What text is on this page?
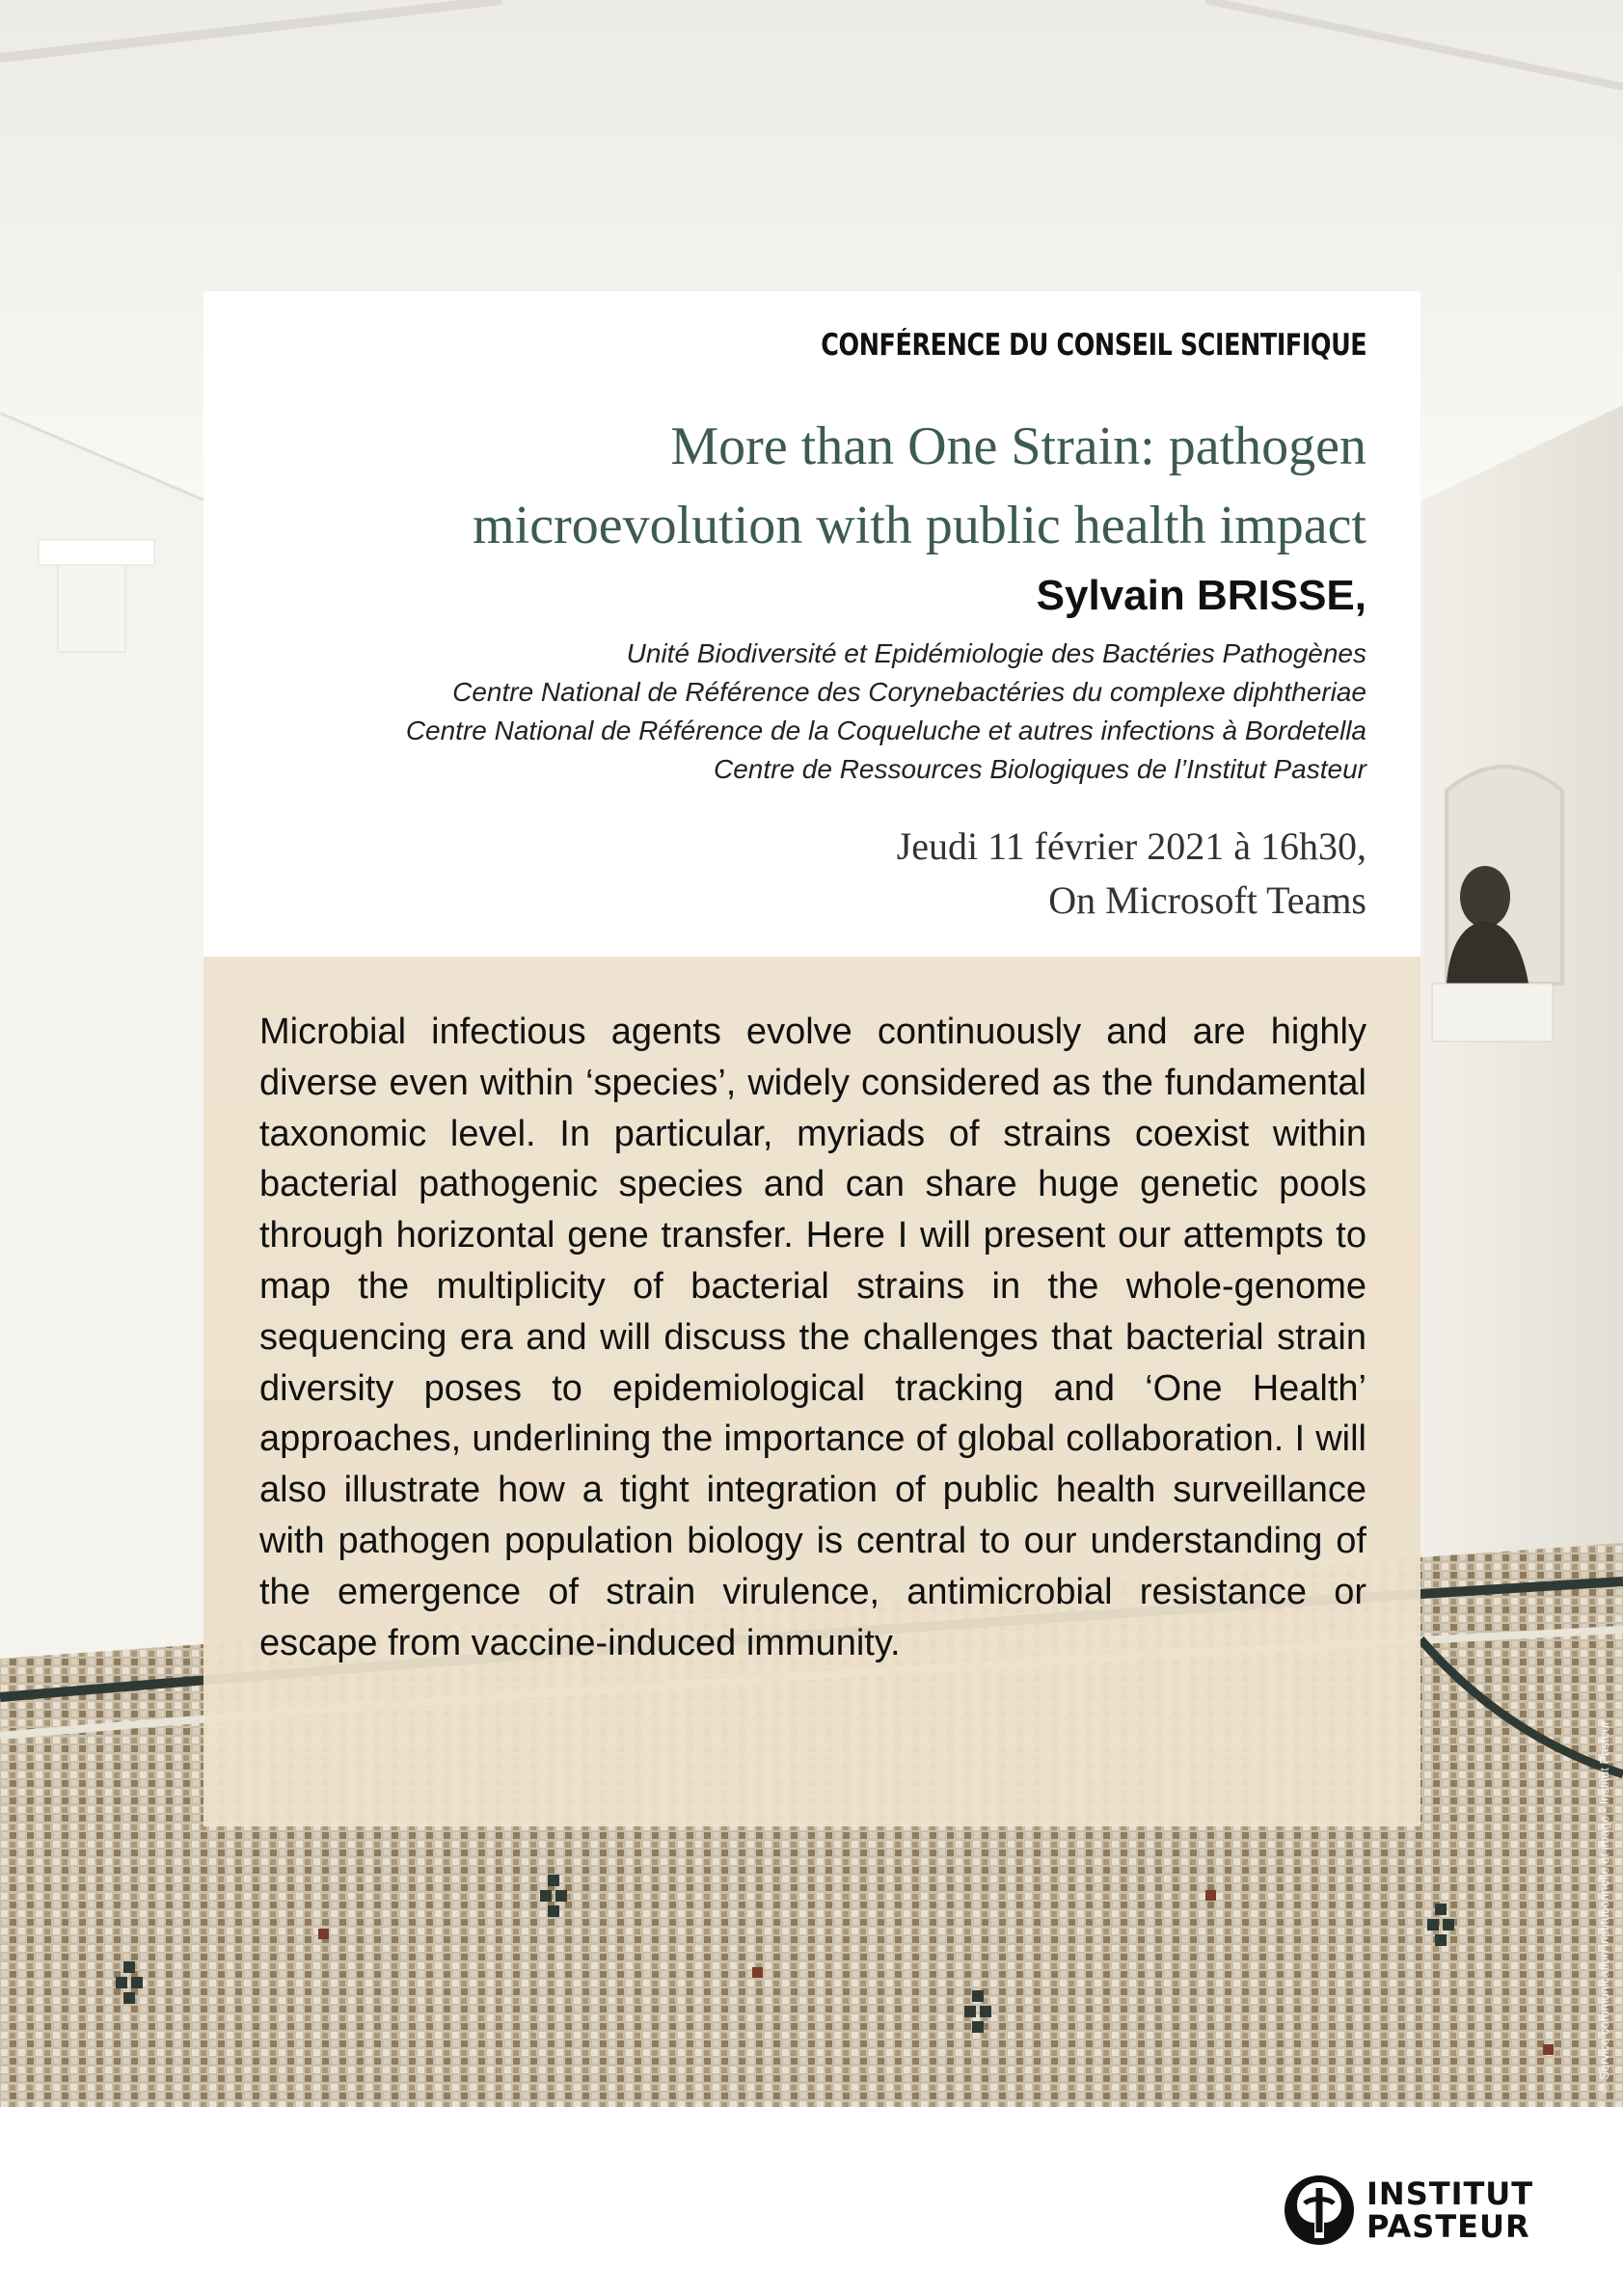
CONFÉRENCE DU CONSEIL SCIENTIFIQUE
More than One Strain: pathogen
microevolution with public health impact
Sylvain BRISSE,
Unité Biodiversité et Epidémiologie des Bactéries Pathogènes
Centre National de Référence des Corynebactéries du complexe diphtheriae
Centre National de Référence de la Coqueluche et autres infections à Bordetella
Centre de Ressources Biologiques de l’Institut Pasteur
Jeudi 11 février 2021 à 16h30,
On Microsoft Teams

Microbial infectious agents evolve continuously and are highly diverse even within ‘species’, widely considered as the fundamental taxonomic level. In particular, myriads of strains coexist within bacterial pathogenic species and can share huge genetic pools through horizontal gene transfer. Here I will present our attempts to map the multiplicity of bacterial strains in the whole-genome sequencing era and will discuss the challenges that bacterial strain diversity poses to epidemiological tracking and ‘One Health’ approaches, underlining the importance of global collaboration. I will also illustrate how a tight integration of public health surveillance with pathogen population biology is central to our understanding of the emergence of strain virulence, antimicrobial resistance or escape from vaccine-induced immunity.

© Service communication institutionnelle et image - Institut Pasteur
INSTITUT
PASTEUR
